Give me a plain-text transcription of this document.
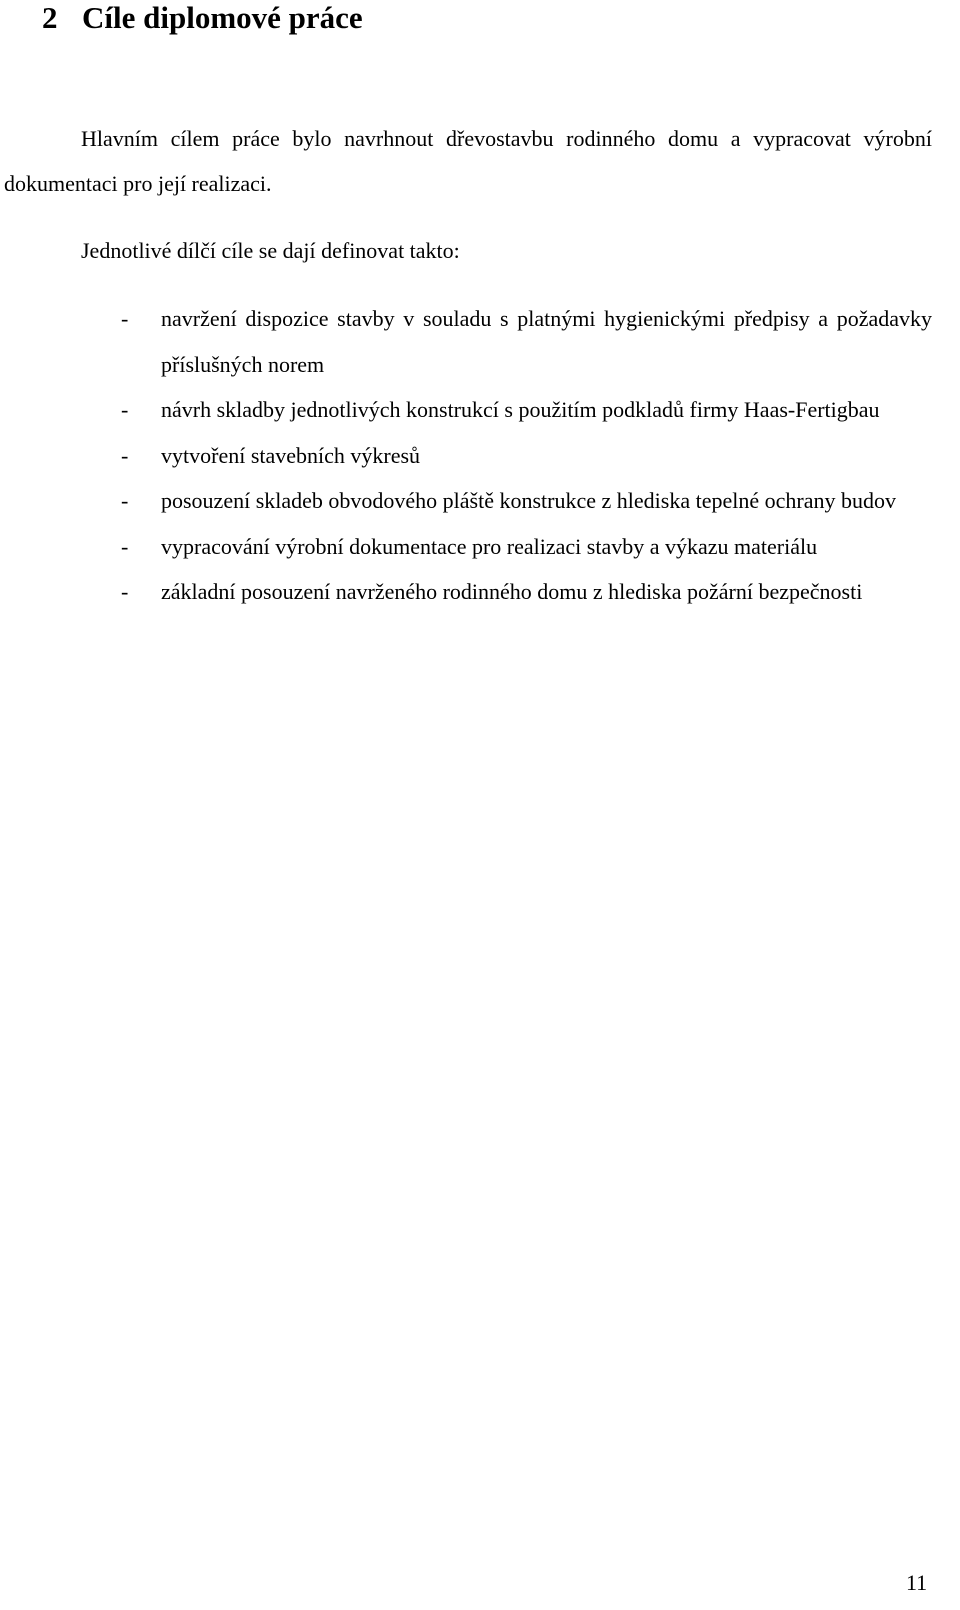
2 Cíle diplomové práce

Hlavním cílem práce bylo navrhnout dřevostavbu rodinného domu a vypracovat výrobní dokumentaci pro její realizaci.

Jednotlivé dílčí cíle se dají definovat takto:

- navržení dispozice stavby v souladu s platnými hygienickými předpisy a požadavky příslušných norem
- návrh skladby jednotlivých konstrukcí s použitím podkladů firmy Haas-Fertigbau
- vytvoření stavebních výkresů
- posouzení skladeb obvodového pláště konstrukce z hlediska tepelné ochrany budov
- vypracování výrobní dokumentace pro realizaci stavby a výkazu materiálu
- základní posouzení navrženého rodinného domu z hlediska požární bezpečnosti
11
